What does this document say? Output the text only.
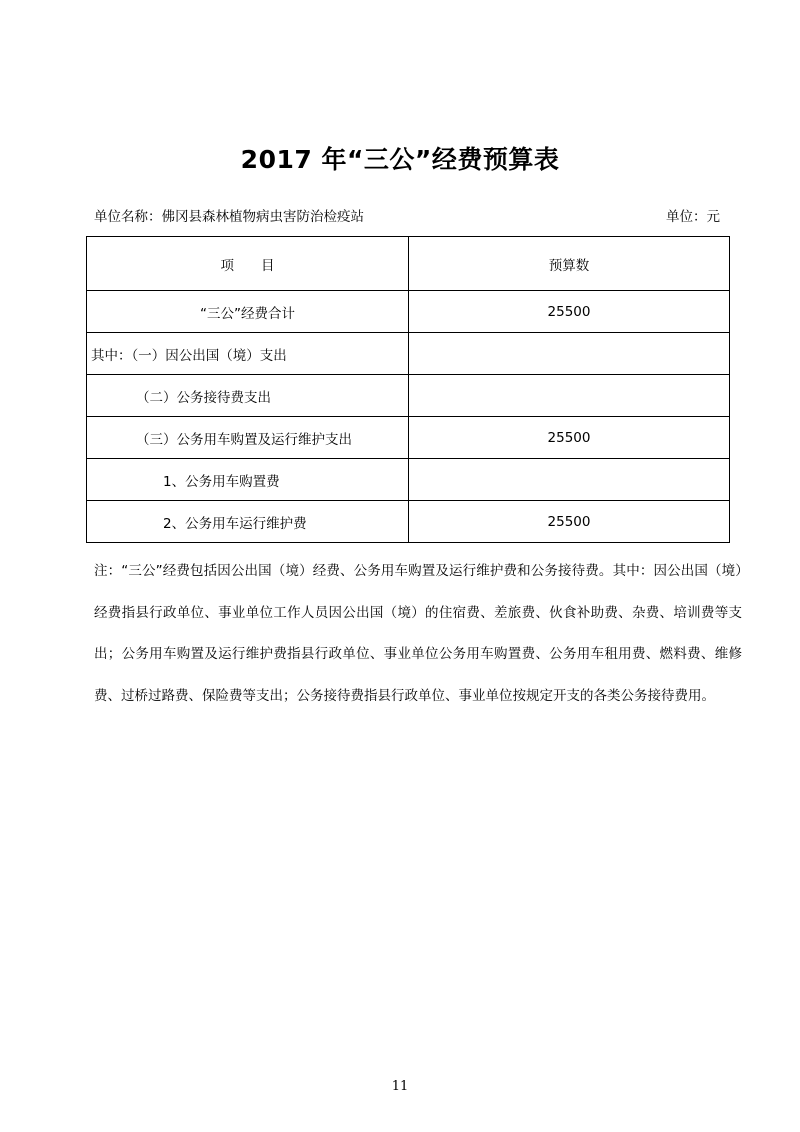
2017 年“三公”经费预算表
单位名称：佛冈县森林植物病虫害防治检疫站	单位：元
项　　目	预算数
“三公”经费合计	25500
其中：（一）因公出国（境）支出	
（二）公务接待费支出	
（三）公务用车购置及运行维护支出	25500
1、公务用车购置费	
2、公务用车运行维护费	25500
注：“三公”经费包括因公出国（境）经费、公务用车购置及运行维护费和公务接待费。其中：因公出国（境）经费指县行政单位、事业单位工作人员因公出国（境）的住宿费、差旅费、伙食补助费、杂费、培训费等支出；公务用车购置及运行维护费指县行政单位、事业单位公务用车购置费、公务用车租用费、燃料费、维修费、过桥过路费、保险费等支出；公务接待费指县行政单位、事业单位按规定开支的各类公务接待费用。
11
